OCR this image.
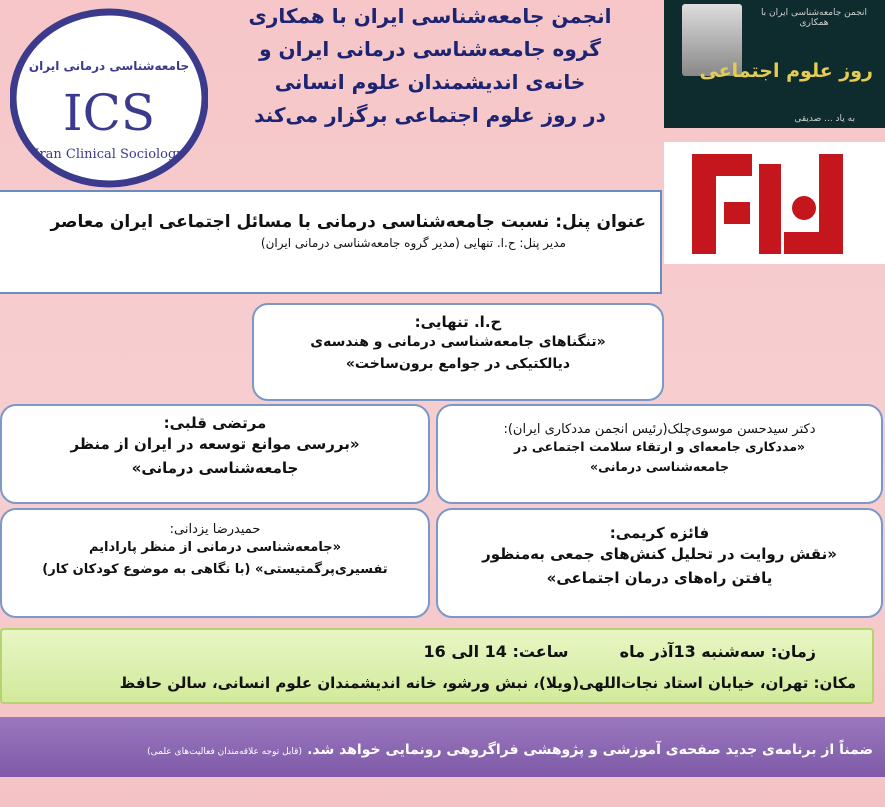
انجمن جامعه‌شناسی ایران با همکاری
گروه جامعه‌شناسی درمانی ایران و
خانه‌ی اندیشمندان علوم انسانی
در روز علوم اجتماعی برگزار می‌کند
جامعه‌شناسی درمانی ایران
ICS
Iran Clinical Sociology
انجمن جامعه‌شناسی ایران با همکاری
روز علوم اجتماعی
به یاد ... صدیقی
عنوان پنل: نسبت جامعه‌شناسی درمانی با مسائل اجتماعی ایران معاصر
مدیر پنل: ح.ا. تنهایی (مدیر گروه جامعه‌شناسی درمانی ایران)
ح.ا. تنهایی:
«تنگناهای جامعه‌شناسی درمانی و هندسه‌ی
دیالکتیکی در جوامع برون‌ساخت»
دکتر سیدحسن موسوی‌چلک(رئیس انجمن مددکاری ایران):
«مددکاری جامعه‌ای و ارتقاء سلامت اجتماعی در
جامعه‌شناسی درمانی»
مرتضی قلبی:
«بررسی موانع توسعه در ایران از منظر
جامعه‌شناسی درمانی»
فائزه کریمی:
«نقش روایت در تحلیل کنش‌های جمعی به‌منظور
یافتن راه‌های درمان اجتماعی»
حمیدرضا یزدانی:
«جامعه‌شناسی درمانی از منظر پارادایم
تفسیری‌پرگمتیستی» (با نگاهی به موضوع کودکان کار)
زمان: سه‌شنبه 13آذر ماه  ساعت: 14 الی 16
مکان: تهران، خیابان استاد نجات‌اللهی(ویلا)، نبش ورشو، خانه اندیشمندان علوم انسانی، سالن حافظ
ضمناً از برنامه‌ی جدید صفحه‌ی آموزشی و پژوهشی فراگروهی رونمایی خواهد شد. (قابل توجه علاقه‌مندان فعالیت‌های علمی)
